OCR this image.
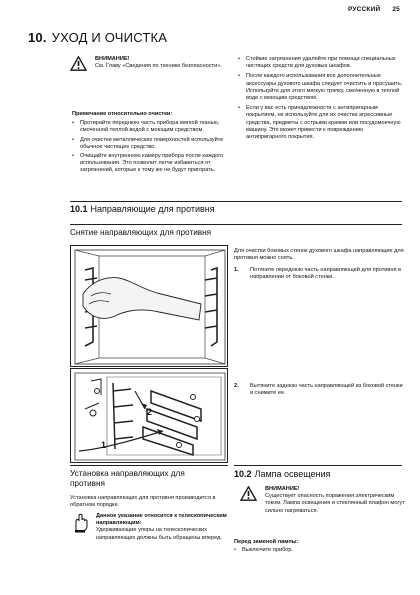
РУССКИЙ 25
10. УХОД И ОЧИСТКА
ВНИМАНИЕ!
См. Главу «Сведения по технике безопасности».
Примечание относительно очистки:
• Протирайте переднюю часть прибора мягкой тканью, смоченной теплой водой с моющим средством.
• Для очистки металлических поверхностей используйте обычное чистящее средство.
• Очищайте внутреннюю камеру прибора после каждого использования. Это позволит легче избавиться от загрязнений, которые к тому же не будут пригорать.
• Стойкие загрязнения удаляйте при помощи специальных чистящих средств для духовых шкафов.
• После каждого использования все дополнительные аксессуары духового шкафа следует очистить и просушить. Используйте для этого мягкую тряпку, смоченную в теплой воде с моющим средством.
• Если у вас есть принадлежности с антипригарным покрытием, не используйте для их очистки агрессивные средства, предметы с острыми краями или посудомоечную машину. Это может привести к повреждению антипригарного покрытия.
10.1 Направляющие для противня
Снятие направляющих для противня
Для очистки боковых стенок духового шкафа направляющие для противня можно снять.
1.	Потяните переднюю часть направляющей для противня в направлении от боковой стенки.
1
2
2.	Вытяните заднюю часть направляющей из боковой стенки и снимите ее.
Установка направляющих для противня
Установка направляющих для противня производится в обратном порядке.
Данное указание относится к телескопическим направляющим:
Удерживающие упоры на телескопических направляющих должны быть обращены вперед.
10.2 Лампа освещения
ВНИМАНИЕ!
Существует опасность поражения электрическим током. Лампа освещения и стеклянный плафон могут сильно нагреваться.
Перед заменой лампы:
• Выключите прибор.
